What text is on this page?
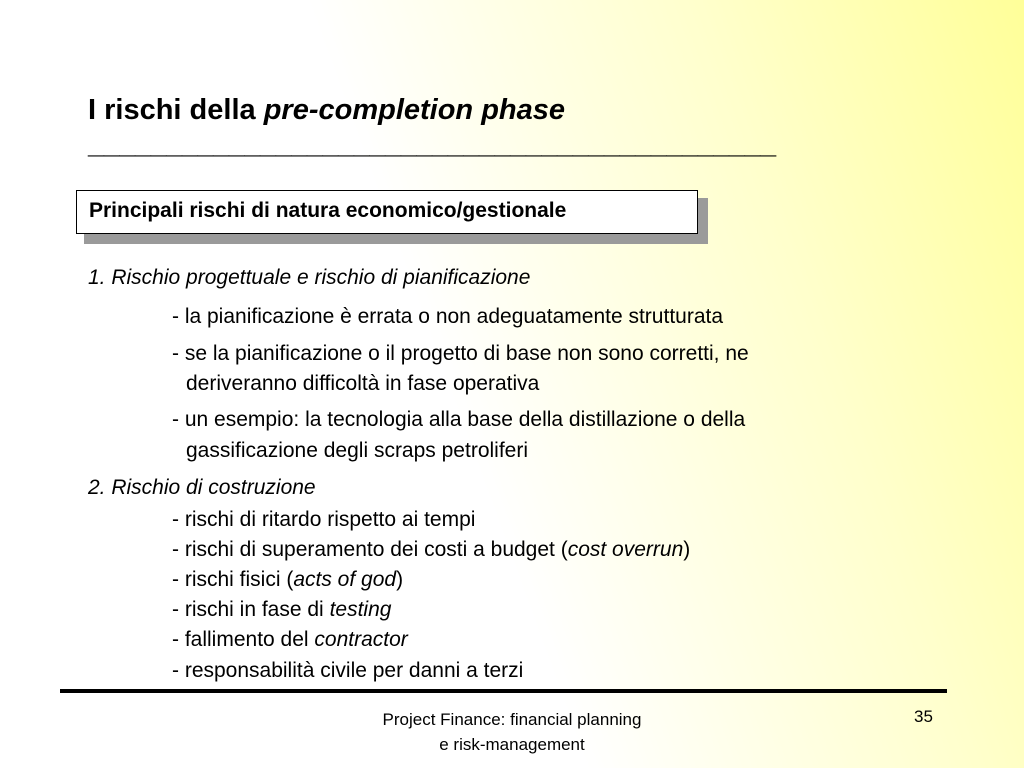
I rischi della pre-completion phase
____________________________________________
Principali rischi di natura economico/gestionale
1. Rischio progettuale e rischio di pianificazione
- la pianificazione è errata o non adeguatamente strutturata
- se la pianificazione o il progetto di base non sono corretti, ne
deriveranno difficoltà in fase operativa
- un esempio: la tecnologia alla base della distillazione o della
gassificazione degli scraps petroliferi
2. Rischio di costruzione
- rischi di ritardo rispetto ai tempi
- rischi di superamento dei costi a budget (cost overrun)
- rischi fisici (acts of god)
- rischi in fase di testing
- fallimento del contractor
- responsabilità civile per danni a terzi
Project Finance: financial planning
e risk-management
35
